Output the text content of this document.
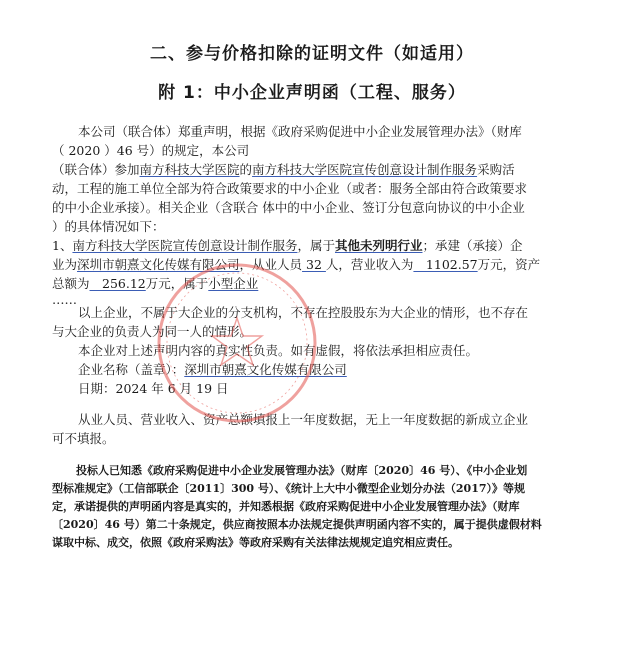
二、参与价格扣除的证明文件（如适用）
附 1：中小企业声明函（工程、服务）
本公司（联合体）郑重声明，根据《政府采购促进中小企业发展管理办法》（财库
（ 2020 ）46 号）的规定，本公司
（联合体）参加南方科技大学医院的南方科技大学医院宣传创意设计制作服务采购活
动，工程的施工单位全部为符合政策要求的中小企业（或者：服务全部由符合政策要求
的中小企业承接）。相关企业（含联合 体中的中小企业、签订分包意向协议的中小企业
）的具体情况如下：
1、南方科技大学医院宣传创意设计制作服务，属于其他未列明行业；承建（承接）企
业为深圳市朝熹文化传媒有限公司，从业人员 32 人，营业收入为　1102.57万元，资产
总额为　256.12万元，属于小型企业
……
以上企业，不属于大企业的分支机构，不存在控股股东为大企业的情形，也不存在
与大企业的负责人为同一人的情形。
本企业对上述声明内容的真实性负责。如有虚假，将依法承担相应责任。
企业名称（盖章）：深圳市朝熹文化传媒有限公司
日期：2024 年 6 月 19 日
从业人员、营业收入、资产总额填报上一年度数据，无上一年度数据的新成立企业
可不填报。
投标人已知悉《政府采购促进中小企业发展管理办法》（财库〔2020〕46 号）、《中小企业划
型标准规定》（工信部联企〔2011〕300 号）、《统计上大中小微型企业划分办法（2017）》等规
定，承诺提供的声明函内容是真实的，并知悉根据《政府采购促进中小企业发展管理办法》（财库
〔2020〕46 号）第二十条规定，供应商按照本办法规定提供声明函内容不实的，属于提供虚假材料
谋取中标、成交，依照《政府采购法》等政府采购有关法律法规规定追究相应责任。
